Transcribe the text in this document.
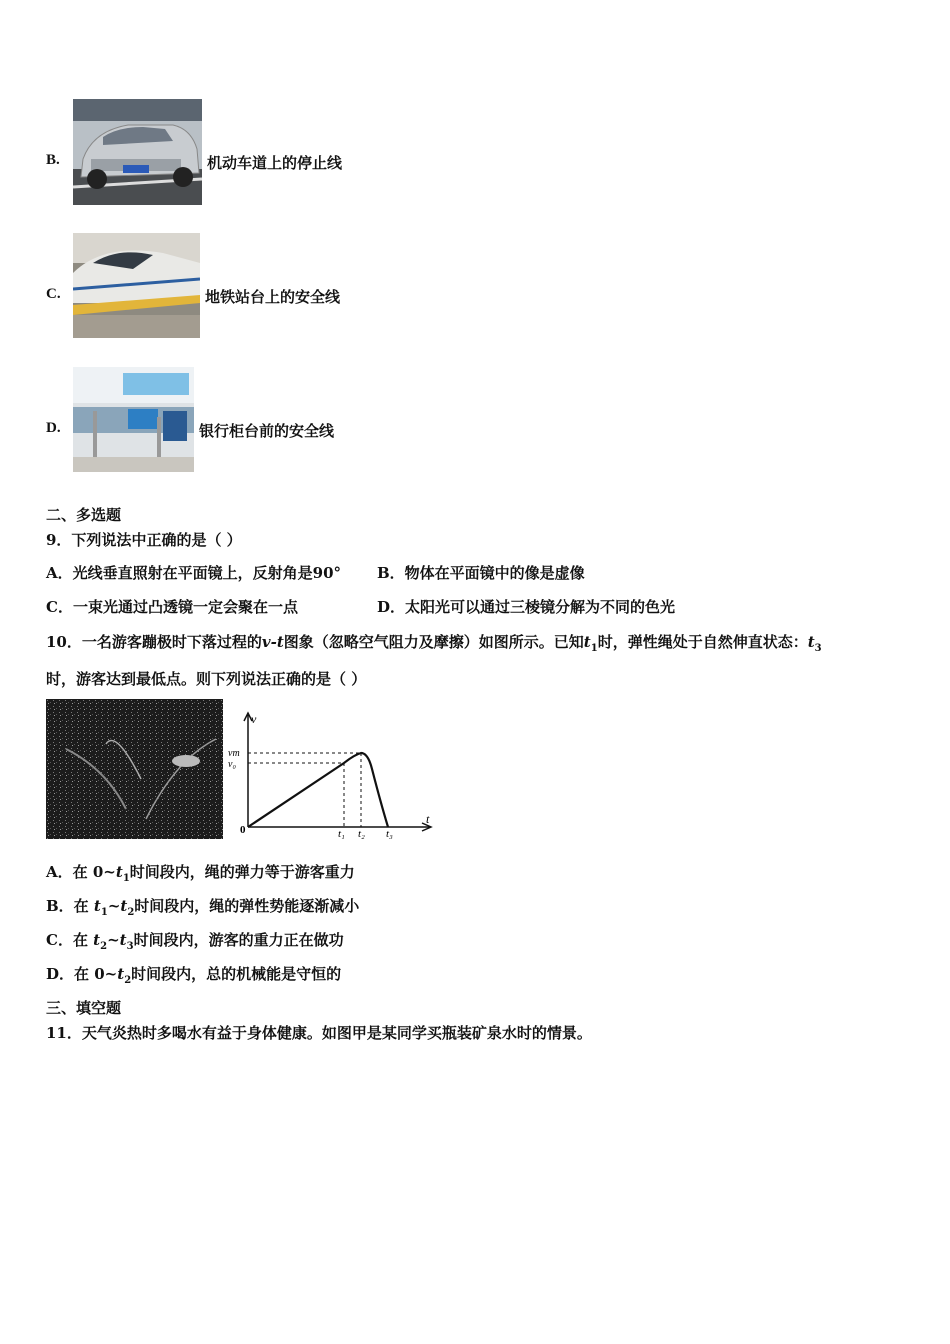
B.	机动车道上的停止线
C.	地铁站台上的安全线
D.	银行柜台前的安全线
二、多选题
9．下列说法中正确的是（ ）
A．光线垂直照射在平面镜上，反射角是90° B．物体在平面镜中的像是虚像
C．一束光通过凸透镜一定会聚在一点	D．太阳光可以通过三棱镜分解为不同的色光
10．一名游客蹦极时下落过程的v-t图象（忽略空气阻力及摩擦）如图所示。已知$t_1$时，弹性绳处于自然伸直状态：$t_3$
时，游客达到最低点。则下列说法正确的是（ ）
v
t
0
vm
v₀
t₁ t₂ t₃
A．在 $0\sim t_1$时间段内，绳的弹力等于游客重力
B．在 $t_1\sim t_2$时间段内，绳的弹性势能逐渐减小
C．在 $t_2\sim t_3$时间段内，游客的重力正在做功
D．在 $0\sim t_2$时间段内，总的机械能是守恒的
三、填空题
11．天气炎热时多喝水有益于身体健康。如图甲是某同学买瓶装矿泉水时的情景。
